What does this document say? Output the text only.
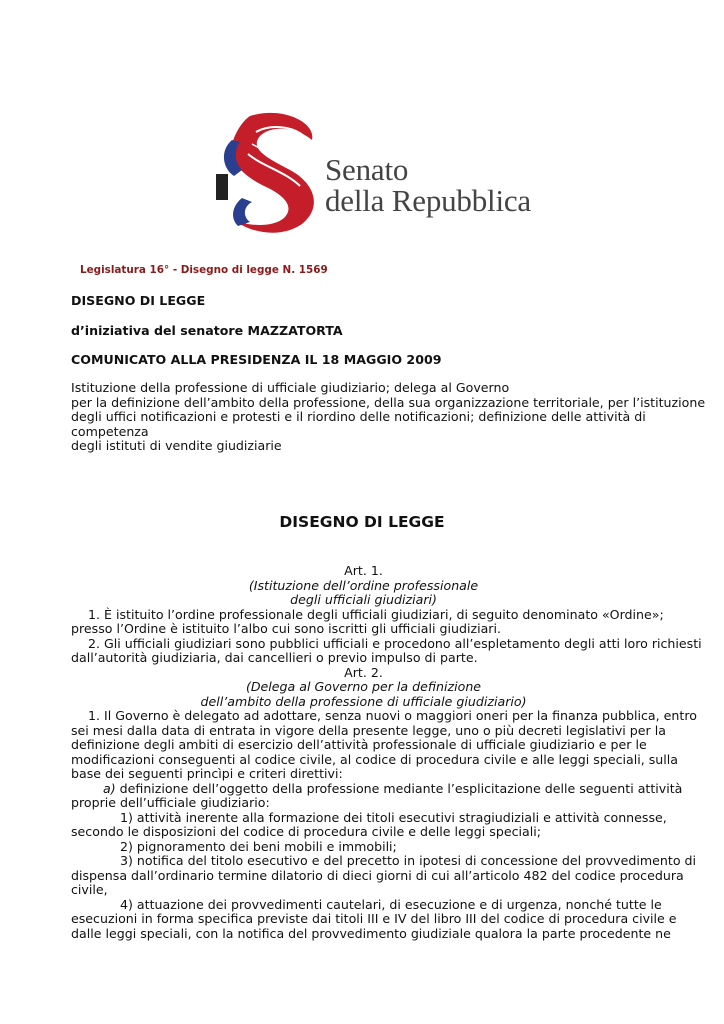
Senato
della Repubblica
Legislatura 16° - Disegno di legge N. 1569
DISEGNO DI LEGGE
d’iniziativa del senatore MAZZATORTA
COMUNICATO ALLA PRESIDENZA IL 18 MAGGIO 2009
Istituzione della professione di ufficiale giudiziario; delega al Governo
per la definizione dell’ambito della professione, della sua organizzazione territoriale, per l’istituzione
degli uffici notificazioni e protesti e il riordino delle notificazioni; definizione delle attività di
competenza
degli istituti di vendite giudiziarie
DISEGNO DI LEGGE
Art. 1.
(Istituzione dell’ordine professionale
degli ufficiali giudiziari)
1. È istituito l’ordine professionale degli ufficiali giudiziari, di seguito denominato «Ordine»;
presso l’Ordine è istituito l’albo cui sono iscritti gli ufficiali giudiziari.
2. Gli ufficiali giudiziari sono pubblici ufficiali e procedono all’espletamento degli atti loro richiesti
dall’autorità giudiziaria, dai cancellieri o previo impulso di parte.
Art. 2.
(Delega al Governo per la definizione
dell’ambito della professione di ufficiale giudiziario)
1. Il Governo è delegato ad adottare, senza nuovi o maggiori oneri per la finanza pubblica, entro
sei mesi dalla data di entrata in vigore della presente legge, uno o più decreti legislativi per la
definizione degli ambiti di esercizio dell’attività professionale di ufficiale giudiziario e per le
modificazioni conseguenti al codice civile, al codice di procedura civile e alle leggi speciali, sulla
base dei seguenti princìpi e criteri direttivi:
a) definizione dell’oggetto della professione mediante l’esplicitazione delle seguenti attività
proprie dell’ufficiale giudiziario:
1) attività inerente alla formazione dei titoli esecutivi stragiudiziali e attività connesse,
secondo le disposizioni del codice di procedura civile e delle leggi speciali;
2) pignoramento dei beni mobili e immobili;
3) notifica del titolo esecutivo e del precetto in ipotesi di concessione del provvedimento di
dispensa dall’ordinario termine dilatorio di dieci giorni di cui all’articolo 482 del codice procedura
civile,
4) attuazione dei provvedimenti cautelari, di esecuzione e di urgenza, nonché tutte le
esecuzioni in forma specifica previste dai titoli III e IV del libro III del codice di procedura civile e
dalle leggi speciali, con la notifica del provvedimento giudiziale qualora la parte procedente ne
